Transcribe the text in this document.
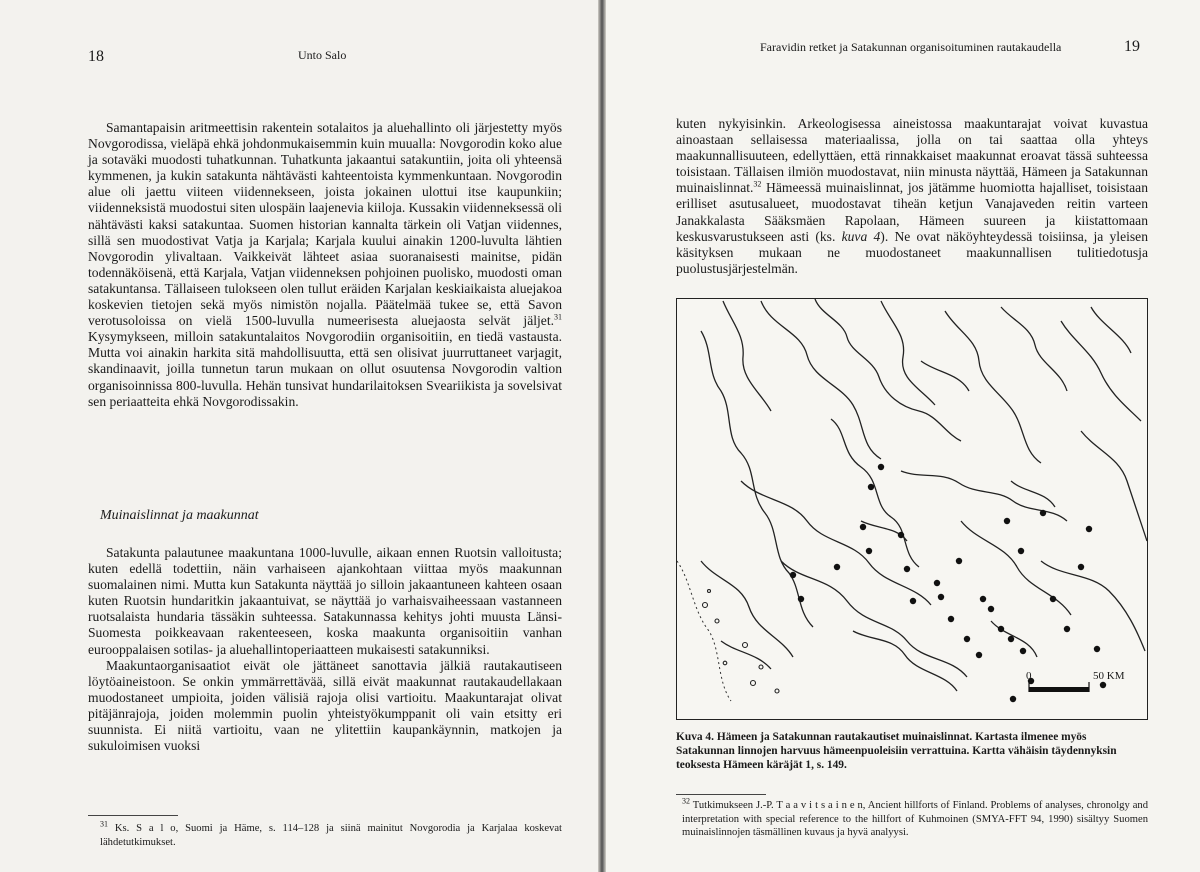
18	Unto Salo

Samantapaisin aritmeettisin rakentein sotalaitos ja aluehallinto oli järjestetty myös Novgorodissa, vieläpä ehkä johdonmukaisemmin kuin muualla: Novgorodin koko alue ja sotaväki muodosti tuhatkunnan. Tuhatkunta jakaantui satakuntiin, joita oli yhteensä kymmenen, ja kukin satakunta nähtävästi kahteentoista kymmenkuntaan. Novgorodin alue oli jaettu viiteen viidennekseen, joista jokainen ulottui itse kaupunkiin; viidenneksistä muodostui siten ulospäin laajenevia kiiloja. Kussakin viidenneksessä oli nähtävästi kaksi satakuntaa. Suomen historian kannalta tärkein oli Vatjan viidennes, sillä sen muodostivat Vatja ja Karjala; Karjala kuului ainakin 1200-luvulta lähtien Novgorodin ylivaltaan. Vaikkeivät lähteet asiaa suoranaisesti mainitse, pidän todennäköisenä, että Karjala, Vatjan viidenneksen pohjoinen puolisko, muodosti oman satakuntansa. Tällaiseen tulokseen olen tullut eräiden Karjalan keskiaikaista aluejakoa koskevien tietojen sekä myös nimistön nojalla. Päätelmää tukee se, että Savon verotusoloissa on vielä 1500-luvulla numeerisesta aluejaosta selvät jäljet.$^{31}$ Kysymykseen, milloin satakuntalaitos Novgorodiin organisoitiin, en tiedä vastausta. Mutta voi ainakin harkita sitä mahdollisuutta, että sen olisivat juurruttaneet varjagit, skandinaavit, joilla tunnetun tarun mukaan on ollut osuutensa Novgorodin valtion organisoinnissa 800-luvulla. Hehän tunsivat hundarilaitoksen Sveariikista ja sovelsivat sen periaatteita ehkä Novgorodissakin.

Muinaislinnat ja maakunnat

Satakunta palautunee maakuntana 1000-luvulle, aikaan ennen Ruotsin valloitusta; kuten edellä todettiin, näin varhaiseen ajankohtaan viittaa myös maakunnan suomalainen nimi. Mutta kun Satakunta näyttää jo silloin jakaantuneen kahteen osaan kuten Ruotsin hundaritkin jakaantuivat, se näyttää jo varhaisvaiheessaan vastanneen ruotsalaista hundaria tässäkin suhteessa. Satakunnassa kehitys johti muusta Länsi-Suomesta poikkeavaan rakenteeseen, koska maakunta organisoitiin vanhan eurooppalaisen sotilas- ja aluehallintoperiaatteen mukaisesti satakunniksi.

Maakuntaorganisaatiot eivät ole jättäneet sanottavia jälkiä rautakautiseen löytöaineistoon. Se onkin ymmärrettävää, sillä eivät maakunnat rautakaudellakaan muodostaneet umpioita, joiden välisiä rajoja olisi vartioitu. Maakuntarajat olivat pitäjänrajoja, joiden molemmin puolin yhteistyökumppanit oli vain etsitty eri suunnista. Ei niitä vartioitu, vaan ne ylitettiin kaupankäynnin, matkojen ja sukuloimisen vuoksi

$^{31}$ Ks. S a l o, Suomi ja Häme, s. 114–128 ja siinä mainitut Novgorodia ja Karjalaa koskevat lähdetutkimukset.
Faravidin retket ja Satakunnan organisoituminen rautakaudella	19

kuten nykyisinkin. Arkeologisessa aineistossa maakuntarajat voivat kuvastua ainoastaan sellaisessa materiaalissa, jolla on tai saattaa olla yhteys maakunnallisuuteen, edellyttäen, että rinnakkaiset maakunnat eroavat tässä suhteessa toisistaan. Tällaisen ilmiön muodostavat, niin minusta näyttää, Hämeen ja Satakunnan muinaislinnat.$^{32}$ Hämeessä muinaislinnat, jos jätämme huomiotta hajalliset, toisistaan erilliset asutusalueet, muodostavat tiheän ketjun Vanajaveden reitin varteen Janakkalasta Sääksmäen Rapolaan, Hämeen suureen ja kiistattomaan keskusvarustukseen asti (ks. kuva 4). Ne ovat näköyhteydessä toisiinsa, ja yleisen käsityksen mukaan ne muodostaneet maakunnallisen tulitiedotusja puolustusjärjestelmän.

Kuva 4. Hämeen ja Satakunnan rautakautiset muinaislinnat. Kartasta ilmenee myös Satakunnan linnojen harvuus hämeenpuoleisiin verrattuina. Kartta vähäisin täydennyksin teoksesta Hämeen käräjät 1, s. 149.
$^{32}$ Tutkimukseen J.-P. T a a v i t s a i n e n, Ancient hillforts of Finland. Problems of analyses, chronolgy and interpretation with special reference to the hillfort of Kuhmoinen (SMYA-FFT 94, 1990) sisältyy Suomen muinaislinnojen täsmällinen kuvaus ja hyvä analyysi.
0	50 KM
